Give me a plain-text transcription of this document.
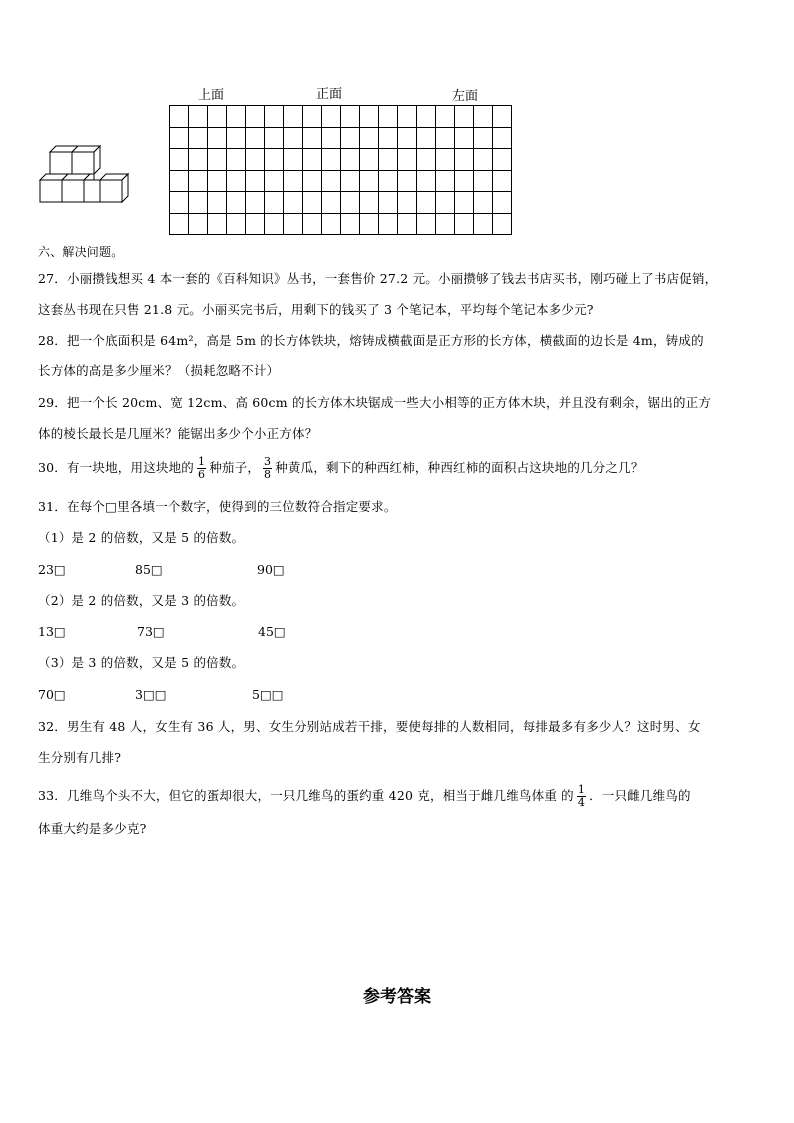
上面	正面	左面
六、解决问题。
27．小丽攒钱想买 4 本一套的《百科知识》丛书，一套售价 27.2 元。小丽攒够了钱去书店买书，刚巧碰上了书店促销，
这套丛书现在只售 21.8 元。小丽买完书后，用剩下的钱买了 3 个笔记本，平均每个笔记本多少元?
28．把一个底面积是 64m²，高是 5m 的长方体铁块，熔铸成横截面是正方形的长方体，横截面的边长是 4m，铸成的
长方体的高是多少厘米？（损耗忽略不计）
29．把一个长 20cm、宽 12cm、高 60cm 的长方体木块锯成一些大小相等的正方体木块，并且没有剩余，锯出的正方
体的棱长最长是几厘米？能锯出多少个小正方体？
30．有一块地，用这块地的 $\frac{1}{6}$ 种茄子， $\frac{3}{8}$ 种黄瓜，剩下的种西红柿，种西红柿的面积占这块地的几分之几？
31．在每个□里各填一个数字，使得到的三位数符合指定要求。
（1）是 2 的倍数，又是 5 的倍数。
23□	85□	90□
（2）是 2 的倍数，又是 3 的倍数。
13□	73□	45□
（3）是 3 的倍数，又是 5 的倍数。
70□	3□□	5□□
32．男生有 48 人，女生有 36 人，男、女生分别站成若干排，要使每排的人数相同，每排最多有多少人？这时男、女
生分别有几排?
33．几维鸟个头不大，但它的蛋却很大，一只几维鸟的蛋约重 420 克，相当于雌几维鸟体重 的 $\frac{1}{4}$ ．一只雌几维鸟的
体重大约是多少克?
参考答案
